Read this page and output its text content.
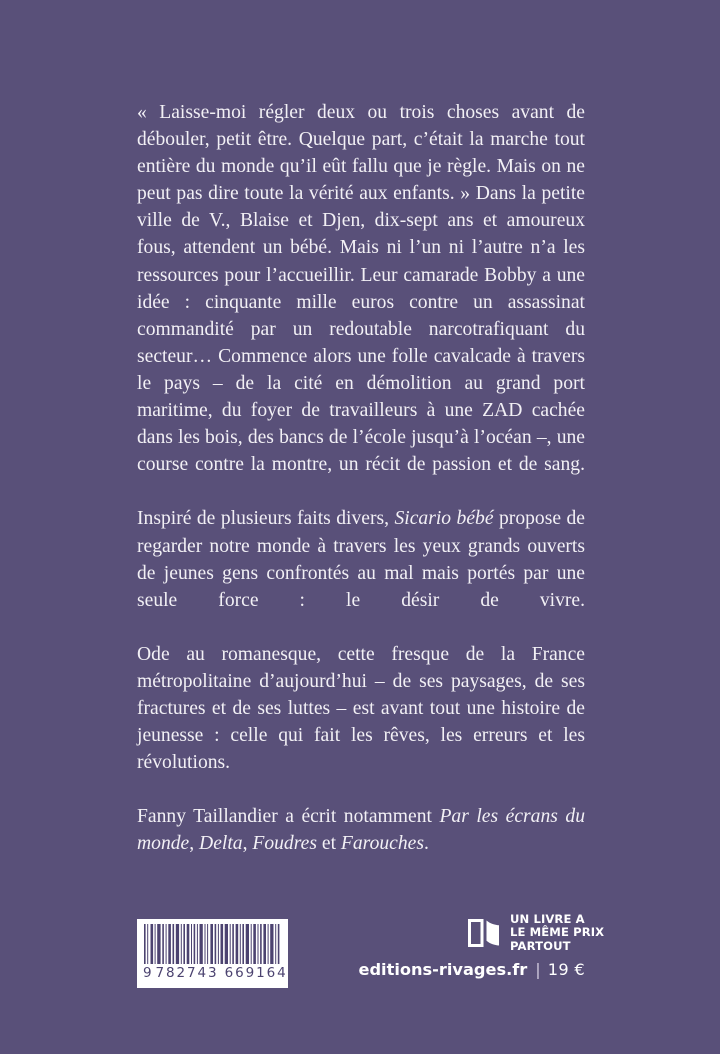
« Laisse-moi régler deux ou trois choses avant de débouler, petit être. Quelque part, c’était la marche tout entière du monde qu’il eût fallu que je règle. Mais on ne peut pas dire toute la vérité aux enfants. » Dans la petite ville de V., Blaise et Djen, dix-sept ans et amoureux fous, attendent un bébé. Mais ni l’un ni l’autre n’a les ressources pour l’accueillir. Leur camarade Bobby a une idée : cinquante mille euros contre un assassinat commandité par un redoutable narcotrafiquant du secteur… Commence alors une folle cavalcade à travers le pays – de la cité en démolition au grand port maritime, du foyer de travailleurs à une ZAD cachée dans les bois, des bancs de l’école jusqu’à l’océan –, une course contre la montre, un récit de passion et de sang.

Inspiré de plusieurs faits divers, Sicario bébé propose de regarder notre monde à travers les yeux grands ouverts de jeunes gens confrontés au mal mais portés par une seule force : le désir de vivre.

Ode au romanesque, cette fresque de la France métropolitaine d’aujourd’hui – de ses paysages, de ses fractures et de ses luttes – est avant tout une histoire de jeunesse : celle qui fait les rêves, les erreurs et les révolutions.

Fanny Taillandier a écrit notamment Par les écrans du monde, Delta, Foudres et Farouches.

9 782743 669164
UN LIVRE A
LE MÊME PRIX
PARTOUT
editions-rivages.fr | 19 €
